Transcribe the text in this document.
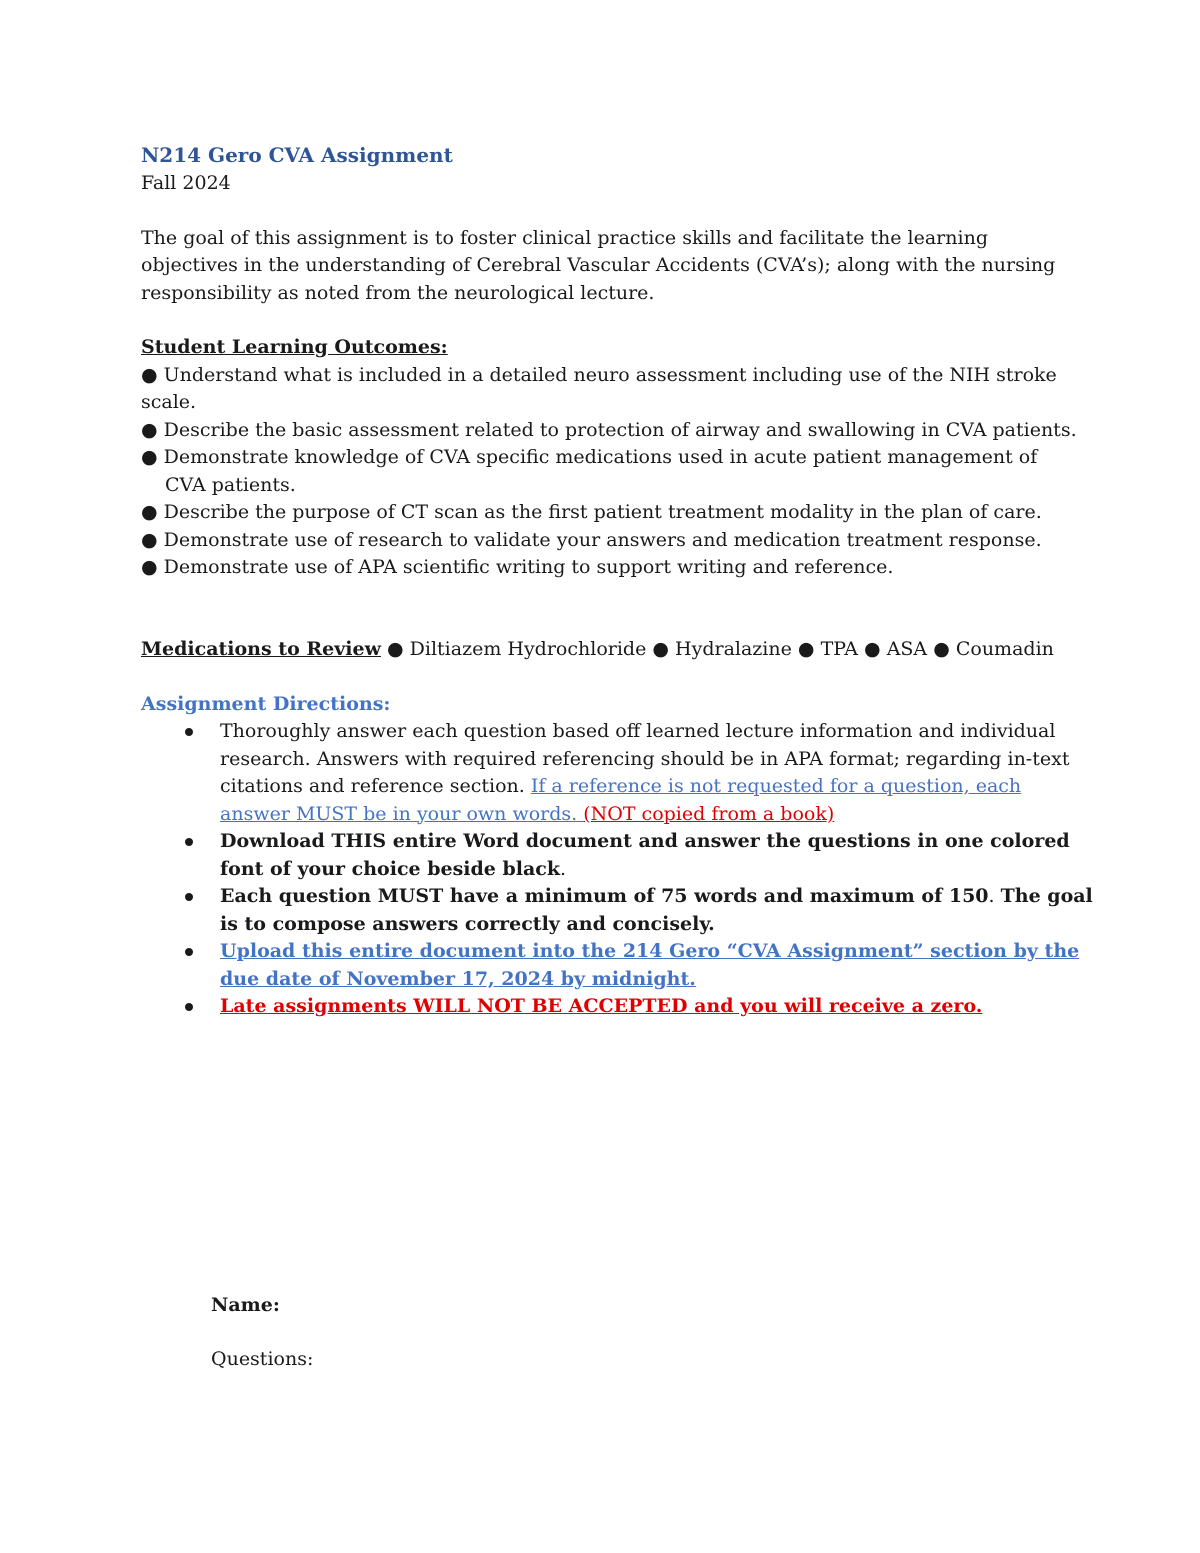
N214 Gero CVA Assignment
Fall 2024
The goal of this assignment is to foster clinical practice skills and facilitate the learning
objectives in the understanding of Cerebral Vascular Accidents (CVA’s); along with the nursing
responsibility as noted from the neurological lecture.
Student Learning Outcomes:
● Understand what is included in a detailed neuro assessment including use of the NIH stroke
scale.
● Describe the basic assessment related to protection of airway and swallowing in CVA patients.
● Demonstrate knowledge of CVA specific medications used in acute patient management of
CVA patients.
● Describe the purpose of CT scan as the first patient treatment modality in the plan of care.
● Demonstrate use of research to validate your answers and medication treatment response.
● Demonstrate use of APA scientific writing to support writing and reference.
Medications to Review ● Diltiazem Hydrochloride ● Hydralazine ● TPA ● ASA ● Coumadin
Assignment Directions:
Thoroughly answer each question based off learned lecture information and individual
research. Answers with required referencing should be in APA format; regarding in-text
citations and reference section. If a reference is not requested for a question, each
answer MUST be in your own words. (NOT copied from a book)
Download THIS entire Word document and answer the questions in one colored
font of your choice beside black.
Each question MUST have a minimum of 75 words and maximum of 150. The goal
is to compose answers correctly and concisely.
Upload this entire document into the 214 Gero “CVA Assignment” section by the
due date of November 17, 2024 by midnight.
Late assignments WILL NOT BE ACCEPTED and you will receive a zero.
Name:
Questions:
